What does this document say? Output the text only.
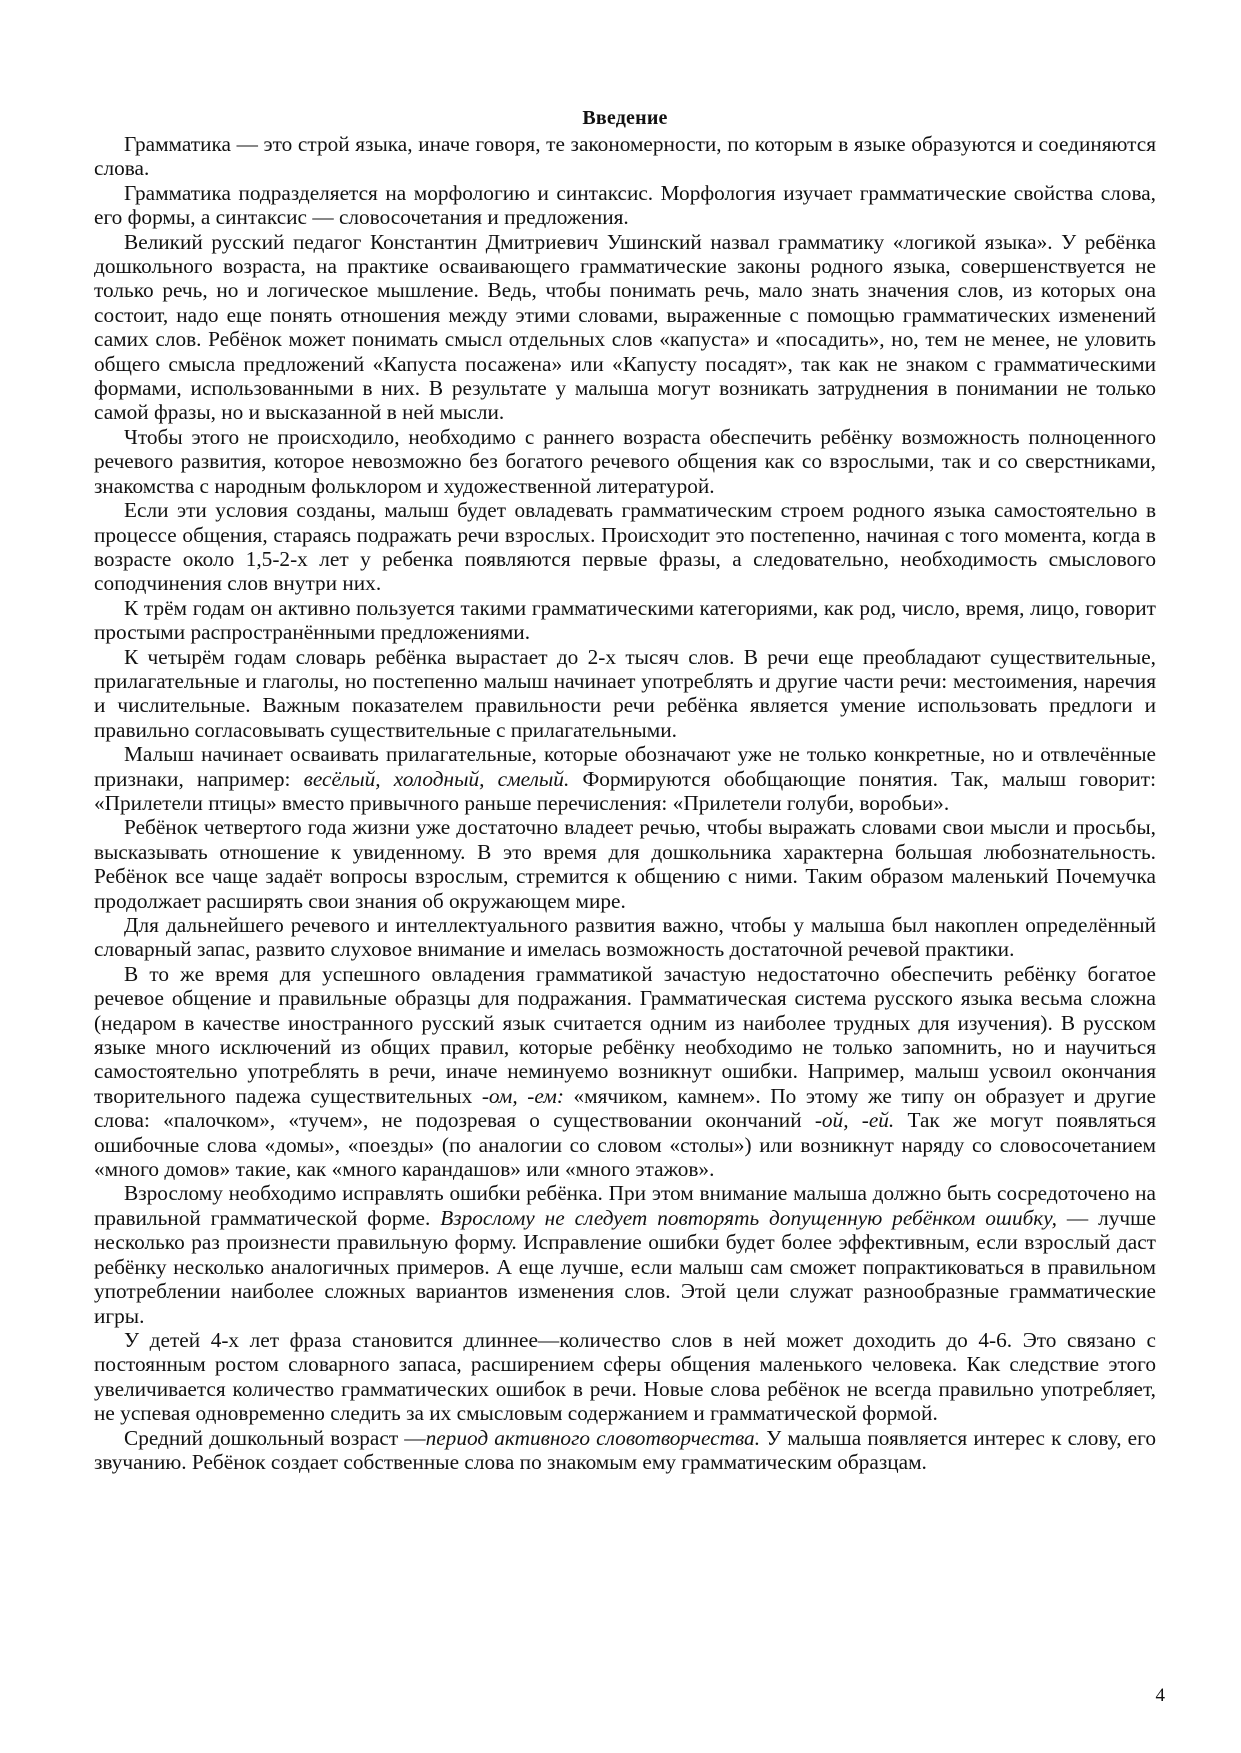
Введение

Грамматика — это строй языка, иначе говоря, те закономерности, по которым в языке образуются и соединяются слова.

Грамматика подразделяется на морфологию и синтаксис. Морфология изучает грамматические свойства слова, его формы, а синтаксис — словосочетания и предложения.

Великий русский педагог Константин Дмитриевич Ушинский назвал грамматику «логикой языка». У ребёнка дошкольного возраста, на практике осваивающего грамматические законы родного языка, совершенствуется не только речь, но и логическое мышление. Ведь, чтобы понимать речь, мало знать значения слов, из которых она состоит, надо еще понять отношения между этими словами, выраженные с помощью грамматических изменений самих слов. Ребёнок может понимать смысл отдельных слов «капуста» и «посадить», но, тем не менее, не уловить общего смысла предложений «Капуста посажена» или «Капусту посадят», так как не знаком с грамматическими формами, использованными в них. В результате у малыша могут возникать затруднения в понимании не только самой фразы, но и высказанной в ней мысли.

Чтобы этого не происходило, необходимо с раннего возраста обеспечить ребёнку возможность полноценного речевого развития, которое невозможно без богатого речевого общения как со взрослыми, так и со сверстниками, знакомства с народным фольклором и художественной литературой.

Если эти условия созданы, малыш будет овладевать грамматическим строем родного языка самостоятельно в процессе общения, стараясь подражать речи взрослых. Происходит это постепенно, начиная с того момента, когда в возрасте около 1,5-2-х лет у ребенка появляются первые фразы, а следовательно, необходимость смыслового соподчинения слов внутри них.

К трём годам он активно пользуется такими грамматическими категориями, как род, число, время, лицо, говорит простыми распространёнными предложениями.

К четырём годам словарь ребёнка вырастает до 2-х тысяч слов. В речи еще преобладают существительные, прилагательные и глаголы, но постепенно малыш начинает употреблять и другие части речи: местоимения, наречия и числительные. Важным показателем правильности речи ребёнка является умение использовать предлоги и правильно согласовывать существительные с прилагательными.

Малыш начинает осваивать прилагательные, которые обозначают уже не только конкретные, но и отвлечённые признаки, например: весёлый, холодный, смелый. Формируются обобщающие понятия. Так, малыш говорит: «Прилетели птицы» вместо привычного раньше перечисления: «Прилетели голуби, воробьи».

Ребёнок четвертого года жизни уже достаточно владеет речью, чтобы выражать словами свои мысли и просьбы, высказывать отношение к увиденному. В это время для дошкольника характерна большая любознательность. Ребёнок все чаще задаёт вопросы взрослым, стремится к общению с ними. Таким образом маленький Почемучка продолжает расширять свои знания об окружающем мире.

Для дальнейшего речевого и интеллектуального развития важно, чтобы у малыша был накоплен определённый словарный запас, развито слуховое внимание и имелась возможность достаточной речевой практики.

В то же время для успешного овладения грамматикой зачастую недостаточно обеспечить ребёнку богатое речевое общение и правильные образцы для подражания. Грамматическая система русского языка весьма сложна (недаром в качестве иностранного русский язык считается одним из наиболее трудных для изучения). В русском языке много исключений из общих правил, которые ребёнку необходимо не только запомнить, но и научиться самостоятельно употреблять в речи, иначе неминуемо возникнут ошибки. Например, малыш усвоил окончания творительного падежа существительных -ом, -ем: «мячиком, камнем». По этому же типу он образует и другие слова: «палочком», «тучем», не подозревая о существовании окончаний -ой, -ей. Так же могут появляться ошибочные слова «домы», «поезды» (по аналогии со словом «столы») или возникнут наряду со словосочетанием «много домов» такие, как «много карандашов» или «много этажов».

Взрослому необходимо исправлять ошибки ребёнка. При этом внимание малыша должно быть сосредоточено на правильной грамматической форме. Взрослому не следует повторять допущенную ребёнком ошибку, — лучше несколько раз произнести правильную форму. Исправление ошибки будет более эффективным, если взрослый даст ребёнку несколько аналогичных примеров. А еще лучше, если малыш сам сможет попрактиковаться в правильном употреблении наиболее сложных вариантов изменения слов. Этой цели служат разнообразные грамматические игры.

У детей 4-х лет фраза становится длиннее—количество слов в ней может доходить до 4-6. Это связано с постоянным ростом словарного запаса, расширением сферы общения маленького человека. Как следствие этого увеличивается количество грамматических ошибок в речи. Новые слова ребёнок не всегда правильно употребляет, не успевая одновременно следить за их смысловым содержанием и грамматической формой.

Средний дошкольный возраст —период активного словотворчества. У малыша появляется интерес к слову, его звучанию. Ребёнок создает собственные слова по знакомым ему грамматическим образцам.

4
